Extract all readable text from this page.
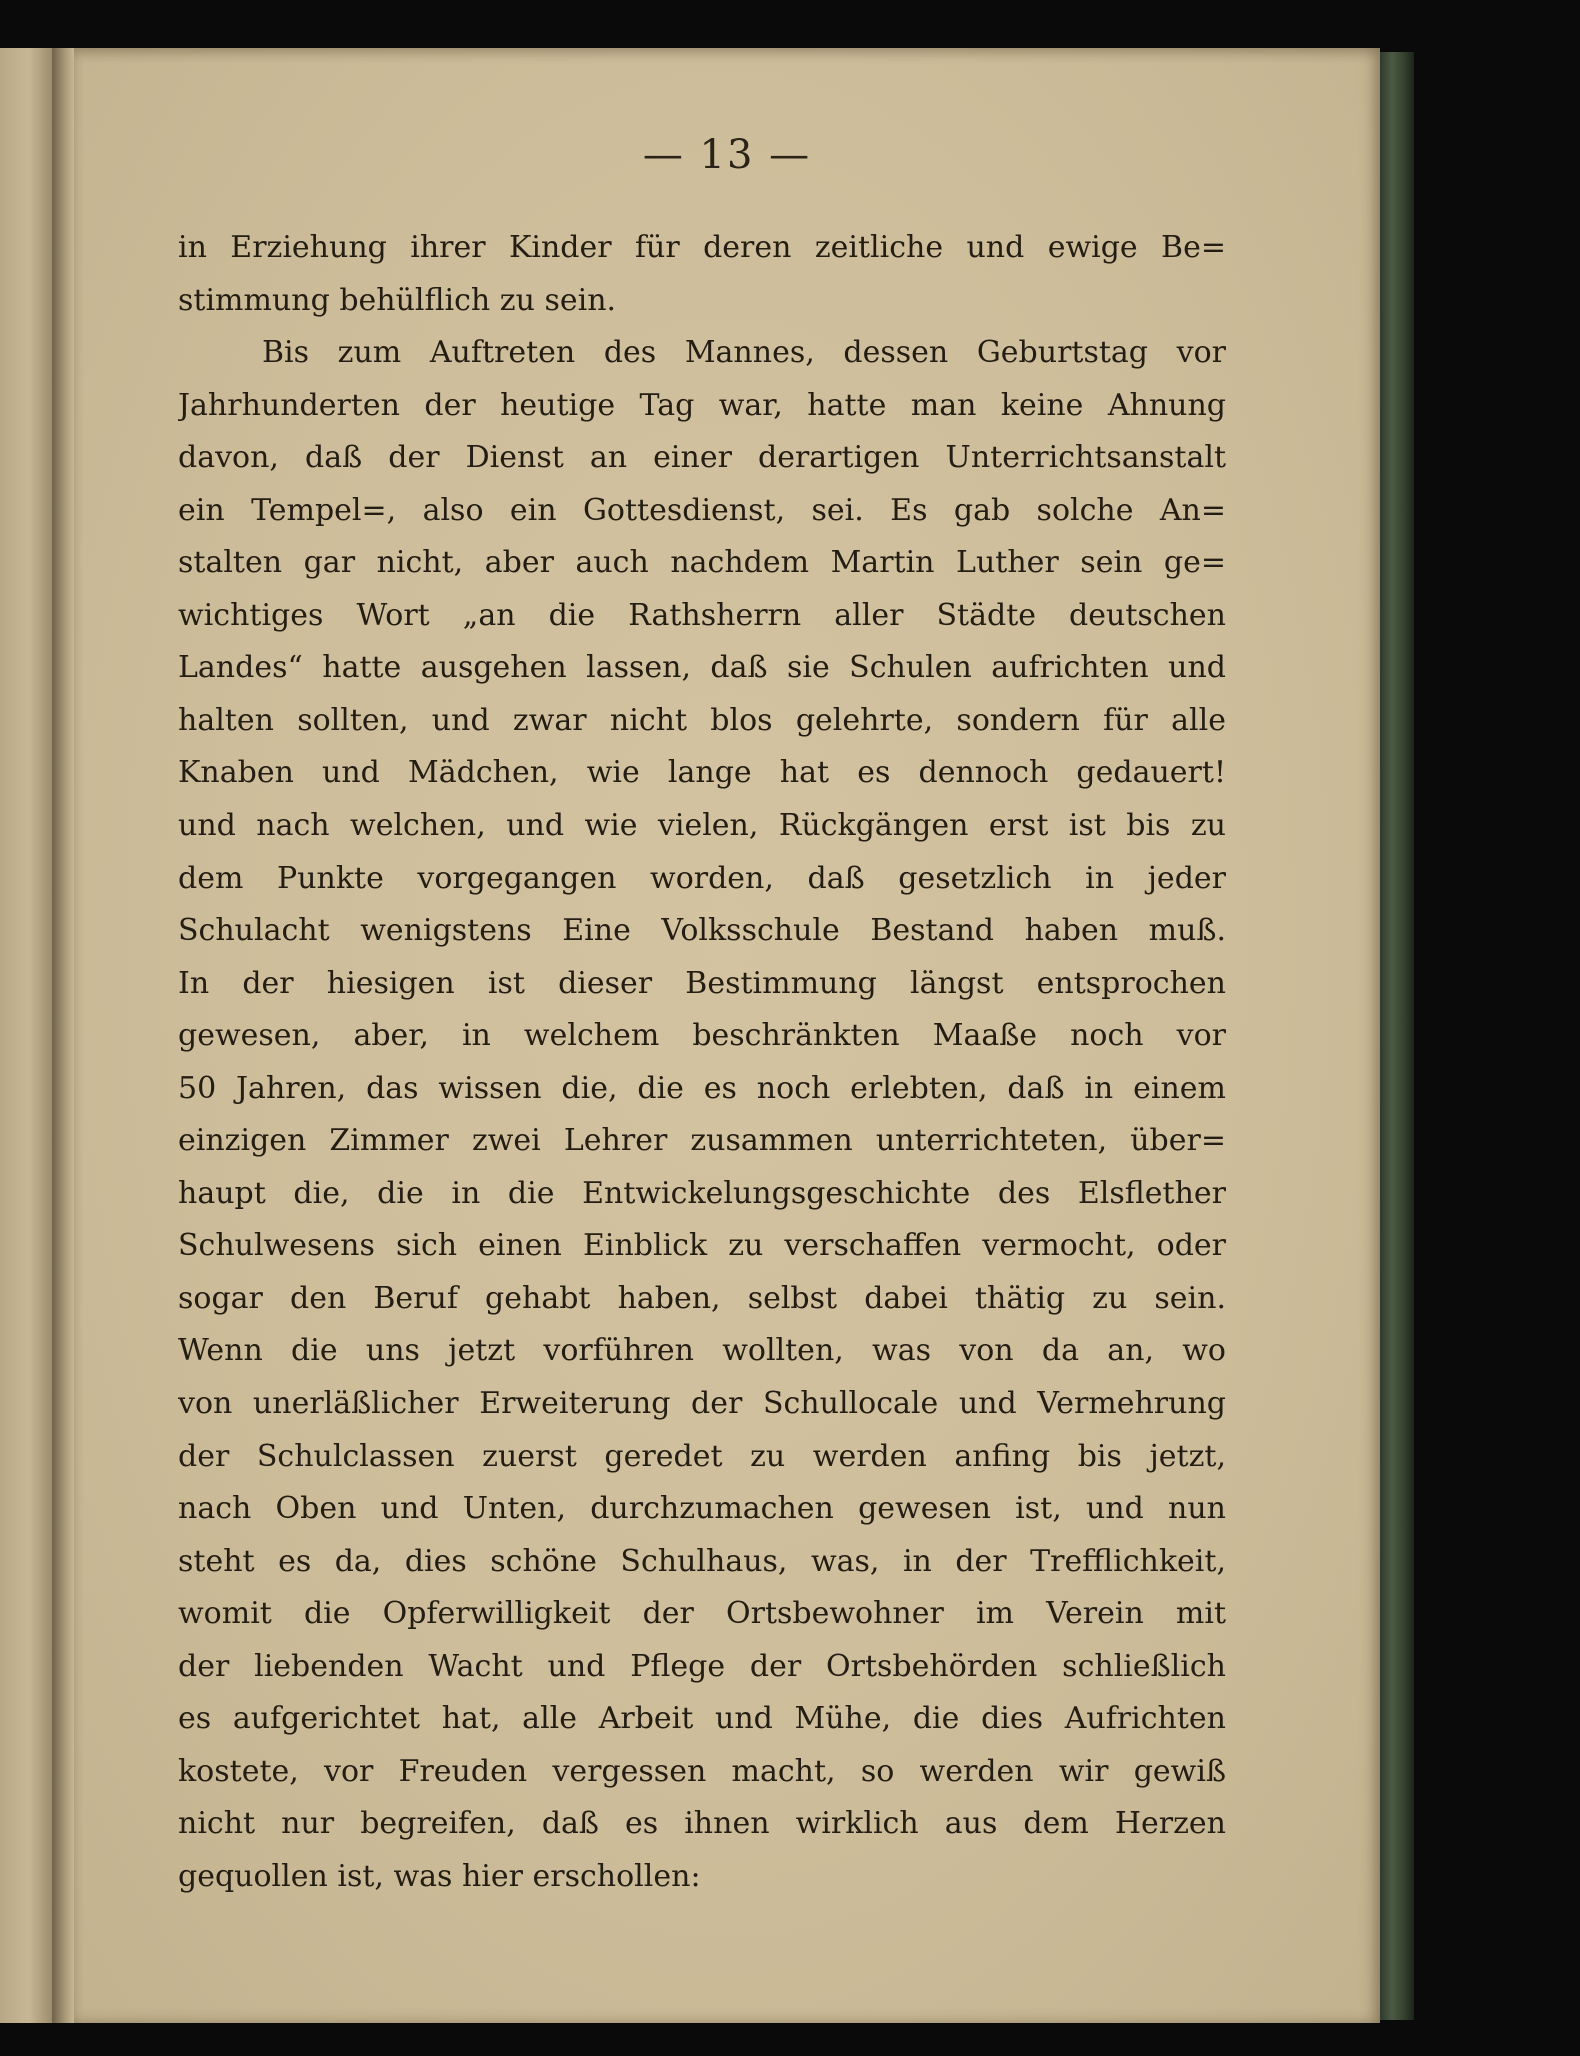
— 13 —
in Erziehung ihrer Kinder für deren zeitliche und ewige Be=
stimmung behülflich zu sein.
Bis zum Auftreten des Mannes, dessen Geburtstag vor
Jahrhunderten der heutige Tag war, hatte man keine Ahnung
davon, daß der Dienst an einer derartigen Unterrichtsanstalt
ein Tempel=, also ein Gottesdienst, sei. Es gab solche An=
stalten gar nicht, aber auch nachdem Martin Luther sein ge=
wichtiges Wort „an die Rathsherrn aller Städte deutschen
Landes“ hatte ausgehen lassen, daß sie Schulen aufrichten und
halten sollten, und zwar nicht blos gelehrte, sondern für alle
Knaben und Mädchen, wie lange hat es dennoch gedauert!
und nach welchen, und wie vielen, Rückgängen erst ist bis zu
dem Punkte vorgegangen worden, daß gesetzlich in jeder
Schulacht wenigstens Eine Volksschule Bestand haben muß.
In der hiesigen ist dieser Bestimmung längst entsprochen
gewesen, aber, in welchem beschränkten Maaße noch vor
50 Jahren, das wissen die, die es noch erlebten, daß in einem
einzigen Zimmer zwei Lehrer zusammen unterrichteten, über=
haupt die, die in die Entwickelungsgeschichte des Elsflether
Schulwesens sich einen Einblick zu verschaffen vermocht, oder
sogar den Beruf gehabt haben, selbst dabei thätig zu sein.
Wenn die uns jetzt vorführen wollten, was von da an, wo
von unerläßlicher Erweiterung der Schullocale und Vermehrung
der Schulclassen zuerst geredet zu werden anfing bis jetzt,
nach Oben und Unten, durchzumachen gewesen ist, und nun
steht es da, dies schöne Schulhaus, was, in der Trefflichkeit,
womit die Opferwilligkeit der Ortsbewohner im Verein mit
der liebenden Wacht und Pflege der Ortsbehörden schließlich
es aufgerichtet hat, alle Arbeit und Mühe, die dies Aufrichten
kostete, vor Freuden vergessen macht, so werden wir gewiß
nicht nur begreifen, daß es ihnen wirklich aus dem Herzen
gequollen ist, was hier erschollen:
